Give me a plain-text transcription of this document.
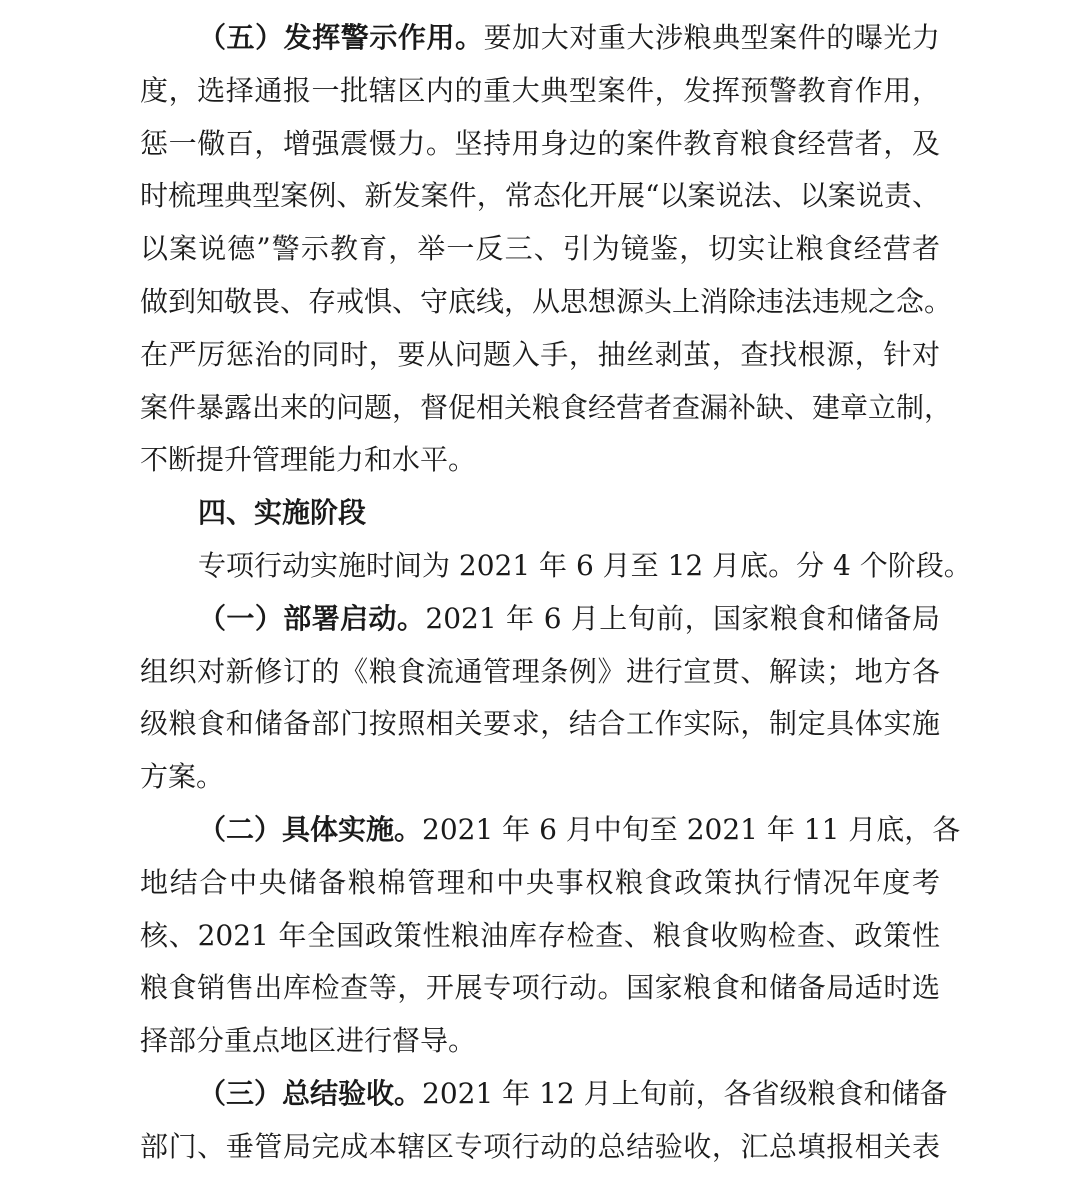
（五）发挥警示作用。要加大对重大涉粮典型案件的曝光力
度，选择通报一批辖区内的重大典型案件，发挥预警教育作用，
惩一儆百，增强震慑力。坚持用身边的案件教育粮食经营者，及
时梳理典型案例、新发案件，常态化开展“以案说法、以案说责、
以案说德”警示教育，举一反三、引为镜鉴，切实让粮食经营者
做到知敬畏、存戒惧、守底线，从思想源头上消除违法违规之念。
在严厉惩治的同时，要从问题入手，抽丝剥茧，查找根源，针对
案件暴露出来的问题，督促相关粮食经营者查漏补缺、建章立制，
不断提升管理能力和水平。
四、实施阶段
专项行动实施时间为 2021 年 6 月至 12 月底。分 4 个阶段。
（一）部署启动。2021 年 6 月上旬前，国家粮食和储备局
组织对新修订的《粮食流通管理条例》进行宣贯、解读；地方各
级粮食和储备部门按照相关要求，结合工作实际，制定具体实施
方案。
（二）具体实施。2021 年 6 月中旬至 2021 年 11 月底，各
地结合中央储备粮棉管理和中央事权粮食政策执行情况年度考
核、2021 年全国政策性粮油库存检查、粮食收购检查、政策性
粮食销售出库检查等，开展专项行动。国家粮食和储备局适时选
择部分重点地区进行督导。
（三）总结验收。2021 年 12 月上旬前，各省级粮食和储备
部门、垂管局完成本辖区专项行动的总结验收，汇总填报相关表
